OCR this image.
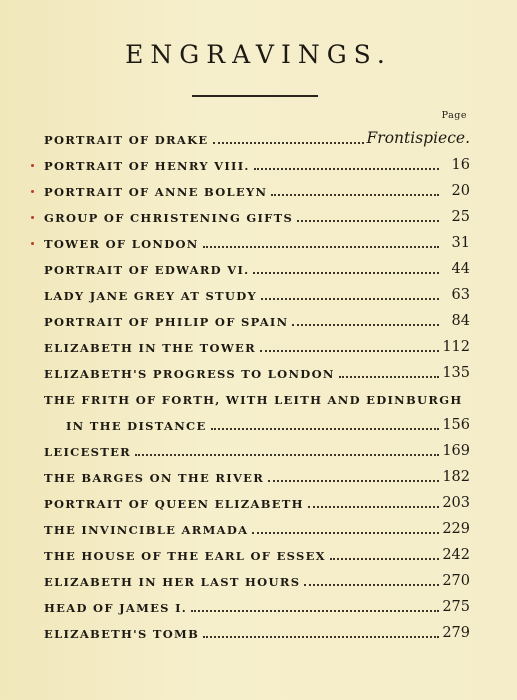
ENGRAVINGS.
Page
PORTRAIT OF DRAKE	Frontispiece.
PORTRAIT OF HENRY VIII.	16
PORTRAIT OF ANNE BOLEYN	20
GROUP OF CHRISTENING GIFTS	25
TOWER OF LONDON	31
PORTRAIT OF EDWARD VI.	44
LADY JANE GREY AT STUDY	63
PORTRAIT OF PHILIP OF SPAIN	84
ELIZABETH IN THE TOWER	112
ELIZABETH'S PROGRESS TO LONDON	135
THE FRITH OF FORTH, WITH LEITH AND EDINBURGH
IN THE DISTANCE	156
LEICESTER	169
THE BARGES ON THE RIVER	182
PORTRAIT OF QUEEN ELIZABETH	203
THE INVINCIBLE ARMADA	229
THE HOUSE OF THE EARL OF ESSEX	242
ELIZABETH IN HER LAST HOURS	270
HEAD OF JAMES I.	275
ELIZABETH'S TOMB	279
